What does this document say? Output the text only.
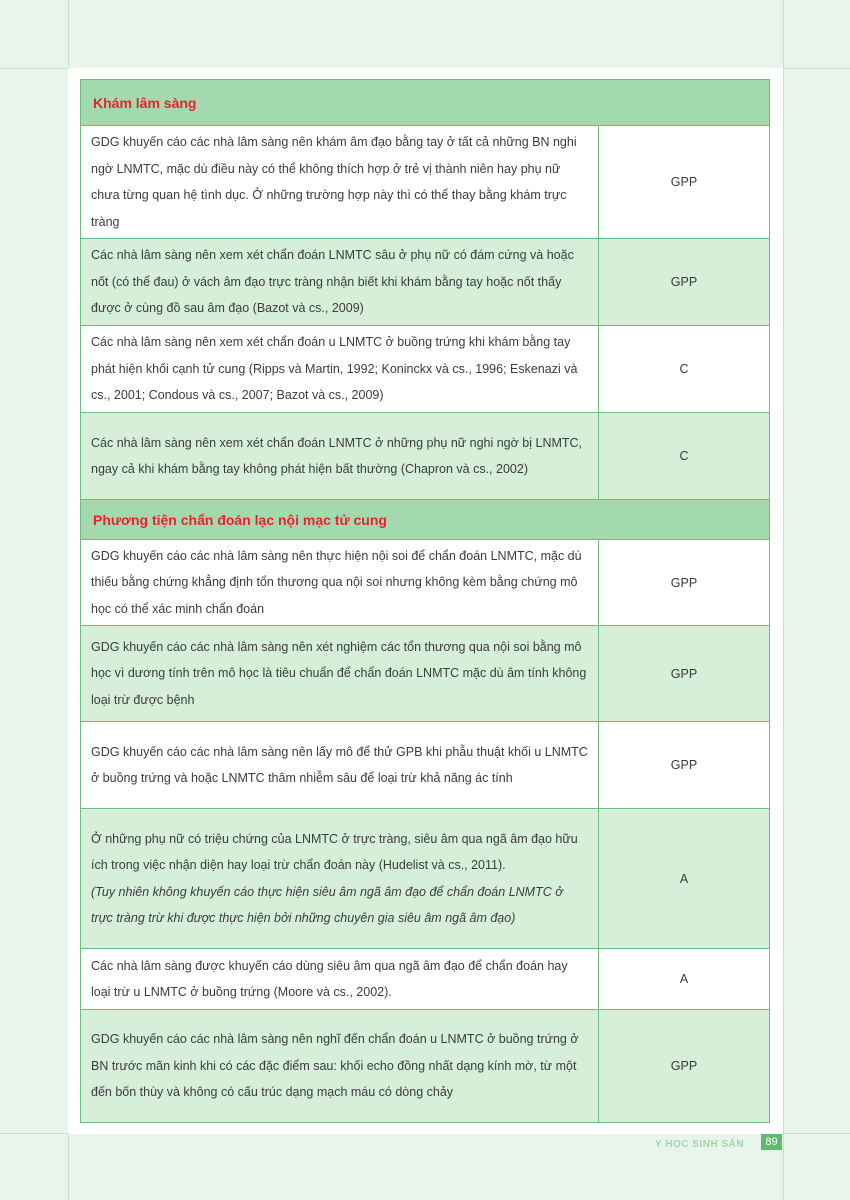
Khám lâm sàng
GDG khuyến cáo các nhà lâm sàng nên khám âm đạo bằng tay ở tất cả những BN nghi ngờ LNMTC, mặc dù điều này có thể không thích hợp ở trẻ vị thành niên hay phụ nữ chưa từng quan hệ tình dục. Ở những trường hợp này thì có thể thay bằng khám trực tràng
GPP
Các nhà lâm sàng nên xem xét chẩn đoán LNMTC sâu ở phụ nữ có đám cứng và hoặc nốt (có thể đau) ở vách âm đạo trực tràng nhận biết khi khám bằng tay hoặc nốt thấy được ở cùng đồ sau âm đạo (Bazot và cs., 2009)
GPP
Các nhà lâm sàng nên xem xét chẩn đoán u LNMTC ở buồng trứng khi khám bằng tay phát hiện khối cạnh tử cung (Ripps và Martin, 1992; Koninckx và cs., 1996; Eskenazi và cs., 2001; Condous và cs., 2007; Bazot và cs., 2009)
C
Các nhà lâm sàng nên xem xét chẩn đoán LNMTC ở những phụ nữ nghi ngờ bị LNMTC, ngay cả khi khám bằng tay không phát hiện bất thường (Chapron và cs., 2002)
C
Phương tiện chẩn đoán lạc nội mạc tử cung
GDG khuyến cáo các nhà lâm sàng nên thực hiện nội soi để chẩn đoán LNMTC, mặc dù thiếu bằng chứng khẳng định tổn thương qua nội soi nhưng không kèm bằng chứng mô học có thể xác minh chẩn đoán
GPP
GDG khuyến cáo các nhà lâm sàng nên xét nghiệm các tổn thương qua nội soi bằng mô học vì dương tính trên mô học là tiêu chuẩn để chẩn đoán LNMTC mặc dù âm tính không loại trừ được bệnh
GPP
GDG khuyến cáo các nhà lâm sàng nên lấy mô để thử GPB khi phẫu thuật khối u LNMTC ở buồng trứng và hoặc LNMTC thâm nhiễm sâu để loại trừ khả năng ác tính
GPP
Ở những phụ nữ có triệu chứng của LNMTC ở trực tràng, siêu âm qua ngã âm đạo hữu ích trong việc nhận diện hay loại trừ chẩn đoán này (Hudelist và cs., 2011).
(Tuy nhiên không khuyến cáo thực hiện siêu âm ngã âm đạo để chẩn đoán LNMTC ở trực tràng trừ khi được thực hiện bởi những chuyên gia siêu âm ngã âm đạo)
A
Các nhà lâm sàng được khuyến cáo dùng siêu âm qua ngã âm đạo để chẩn đoán hay loại trừ u LNMTC ở buồng trứng (Moore và cs., 2002).
A
GDG khuyến cáo các nhà lâm sàng nên nghĩ đến chẩn đoán u LNMTC ở buồng trứng ở BN trước mãn kinh khi có các đặc điểm sau: khối echo đồng nhất dạng kính mờ, từ một đến bốn thùy và không có cấu trúc dạng mạch máu có dòng chảy
GPP
Y HỌC SINH SẢN	89
